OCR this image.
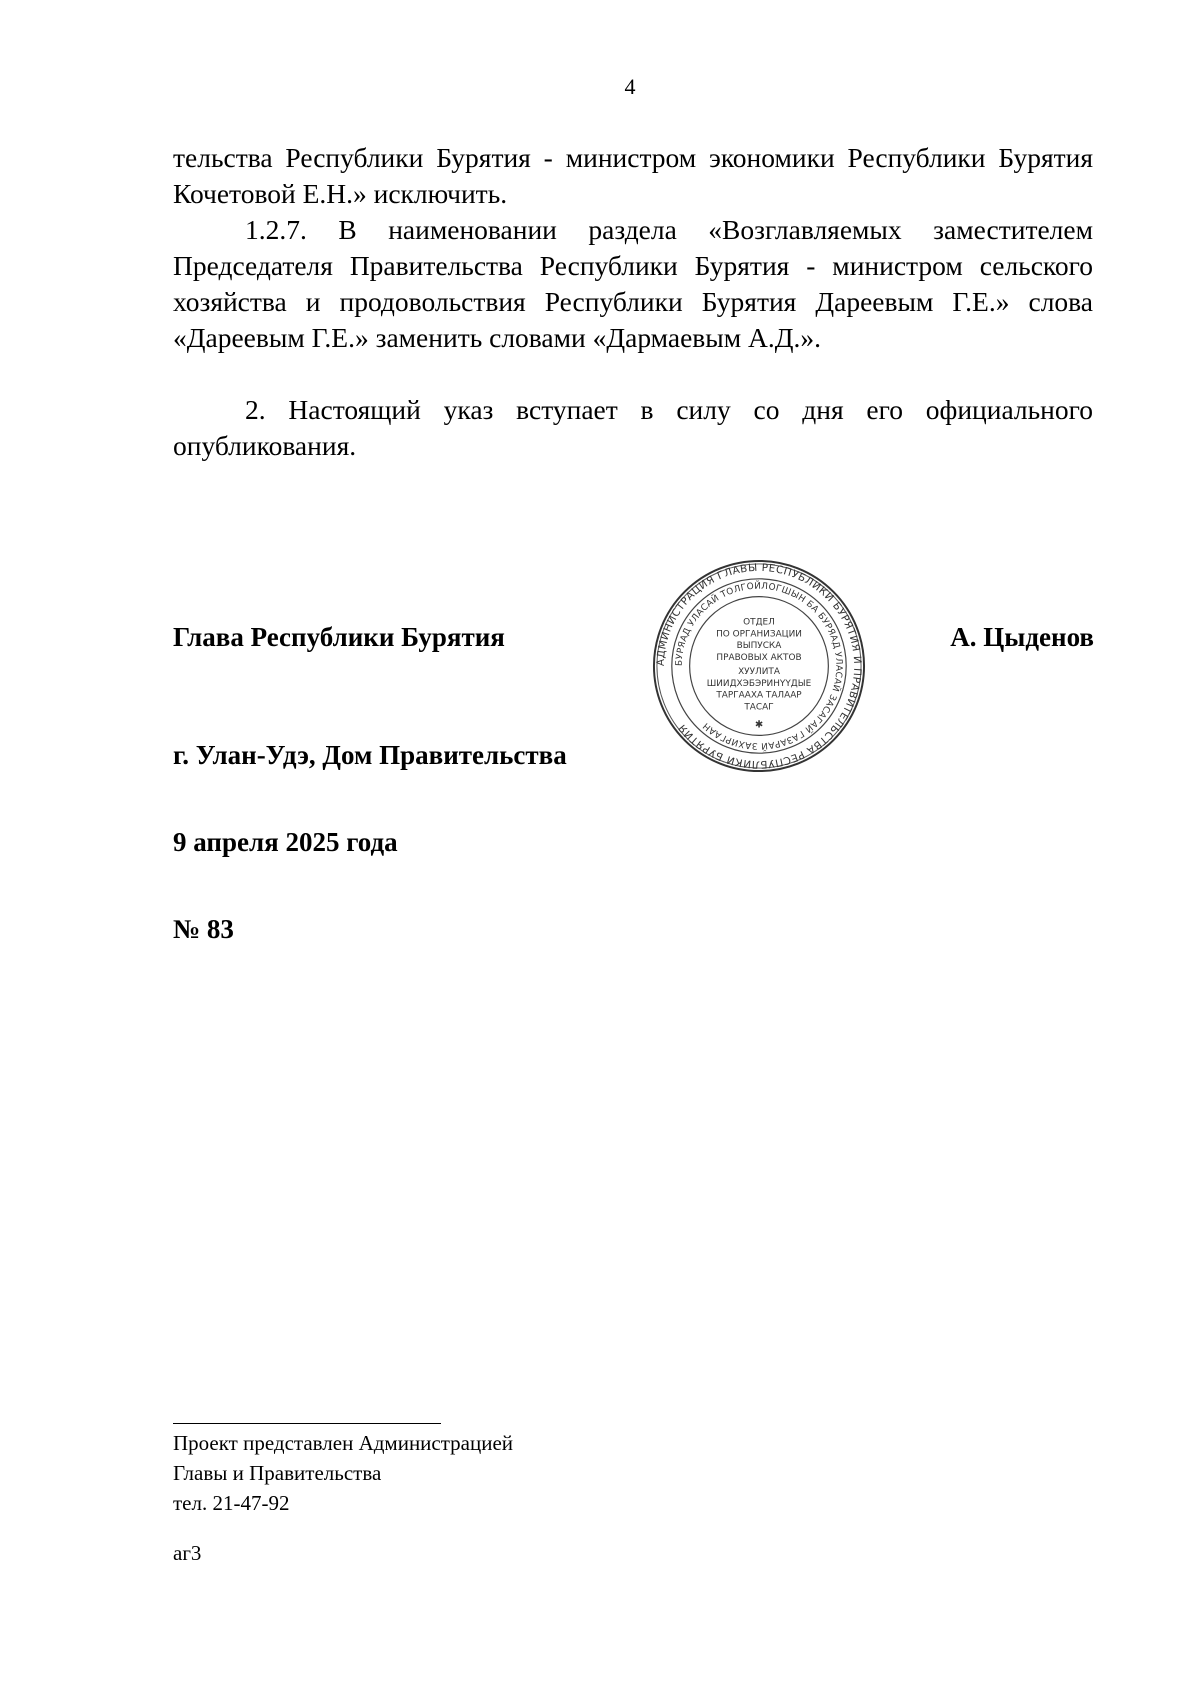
4

тельства Республики Бурятия - министром экономики Республики Бурятия Кочетовой Е.Н.» исключить.

1.2.7. В наименовании раздела «Возглавляемых заместителем Председателя Правительства Республики Бурятия - министром сельского хозяйства и продовольствия Республики Бурятия Дареевым Г.Е.» слова «Дареевым Г.Е.» заменить словами «Дармаевым А.Д.».

2. Настоящий указ вступает в силу со дня его официального опубликования.

Глава Республики Бурятия	А. Цыденов
АДМИНИСТРАЦИЯ ГЛАВЫ РЕСПУБЛИКИ БУРЯТИЯ И ПРАВИТЕЛЬСТВА РЕСПУБЛИКИ БУРЯТИЯ
БУРЯАД УЛАСАЙ ТОЛГОЙЛОГШЫН БА БУРЯАД УЛАСАЙ ЗАСАГАЙ ГАЗАРАЙ ЗАХИРГААН
ОТДЕЛ
ПО ОРГАНИЗАЦИИ
ВЫПУСКА
ПРАВОВЫХ АКТОВ
ХУУЛИТА
ШИИДХЭБЭРИНҮҮДЫЕ
ТАРГААХА ТАЛААР
ТАСАГ
✱
г. Улан-Удэ, Дом Правительства
9 апреля 2025 года
№ 83
Проект представлен Администрацией
Главы и Правительства
тел. 21-47-92
аг3
